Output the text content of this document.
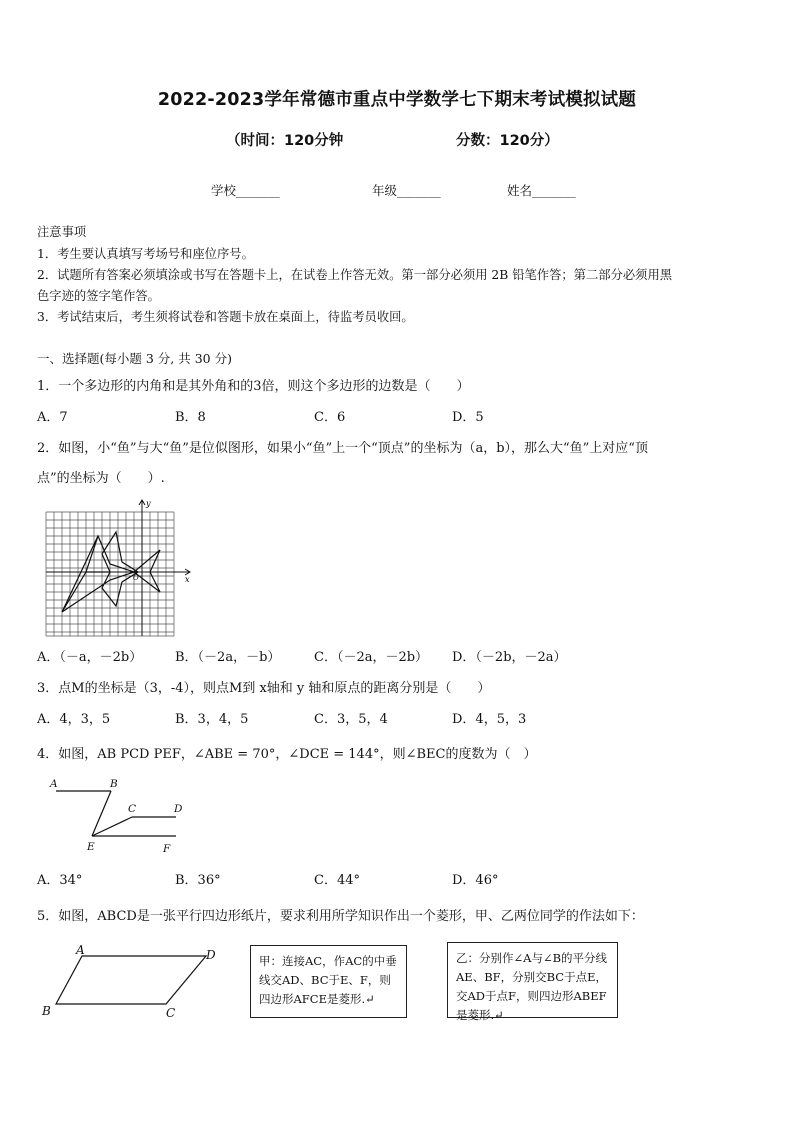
2022-2023学年常德市重点中学数学七下期末考试模拟试题
（时间：120分钟	分数：120分）
学校_______	年级_______	姓名_______
注意事项
1．考生要认真填写考场号和座位序号。
2．试题所有答案必须填涂或书写在答题卡上，在试卷上作答无效。第一部分必须用 2B 铅笔作答；第二部分必须用黑
色字迹的签字笔作答。
3．考试结束后，考生须将试卷和答题卡放在桌面上，待监考员收回。
一、选择题(每小题 3 分, 共 30 分)
1．一个多边形的内角和是其外角和的3倍，则这个多边形的边数是（　　）
A．7	B．8	C．6	D．5
2．如图，小“鱼”与大“鱼”是位似图形，如果小“鱼”上一个“顶点”的坐标为（a，b），那么大“鱼”上对应“顶
点”的坐标为（　　）.
y
x
O
A．（－a，－2b）	B．（－2a，－b）	C．（－2a，－2b） D．（－2b，－2a）
3．点M的坐标是（3，-4），则点M到 x轴和 y 轴和原点的距离分别是（　　）
A．4，3，5	B．3，4，5	C．3，5，4	D．4，5，3
4．如图，AB PCD PEF，∠ABE = 70°，∠DCE = 144°，则∠BEC的度数为（　）
A	B
C	D
E	F
A．34°	B．36°	C．44°	D．46°
5．如图，ABCD是一张平行四边形纸片，要求利用所学知识作出一个菱形，甲、乙两位同学的作法如下：
A	D
B	C
甲：连接AC，作AC的中垂线交AD、BC于E、F，则四边形AFCE是菱形.↵
乙：分别作∠A与∠B的平分线AE、BF，分别交BC于点E，交AD于点F，则四边形ABEF是菱形.↵
